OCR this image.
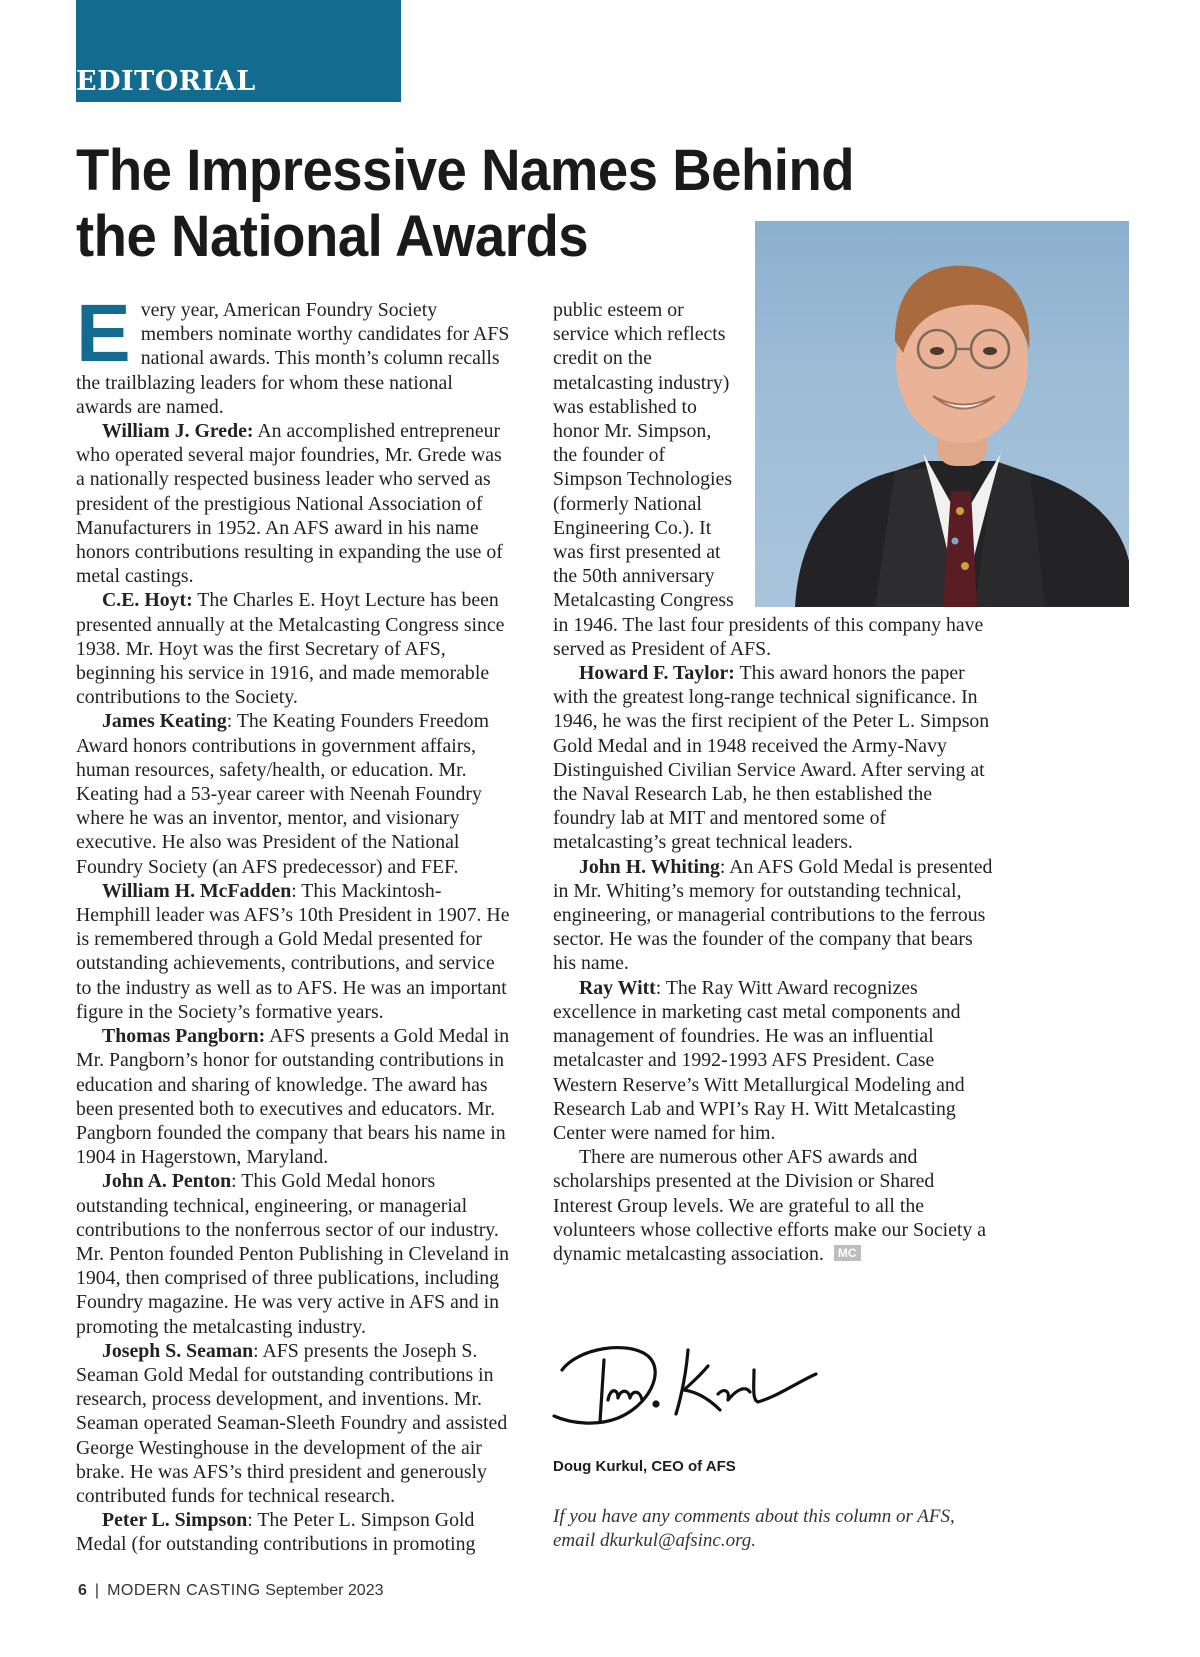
EDITORIAL

The Impressive Names Behind the National Awards

Every year, American Foundry Society members nominate worthy candidates for AFS national awards. This month’s column recalls the trailblazing leaders for whom these national awards are named.

William J. Grede: An accomplished entrepreneur who operated several major foundries, Mr. Grede was a nationally respected business leader who served as president of the prestigious National Association of Manufacturers in 1952. An AFS award in his name honors contributions resulting in expanding the use of metal castings.

C.E. Hoyt: The Charles E. Hoyt Lecture has been presented annually at the Metalcasting Congress since 1938. Mr. Hoyt was the first Secretary of AFS, beginning his service in 1916, and made memorable contributions to the Society.

James Keating: The Keating Founders Freedom Award honors contributions in government affairs, human resources, safety/health, or education. Mr. Keating had a 53-year career with Neenah Foundry where he was an inventor, mentor, and visionary executive. He also was President of the National Foundry Society (an AFS predecessor) and FEF.

William H. McFadden: This Mackintosh-Hemphill leader was AFS’s 10th President in 1907. He is remembered through a Gold Medal presented for outstanding achievements, contributions, and service to the industry as well as to AFS. He was an important figure in the Society’s formative years.

Thomas Pangborn: AFS presents a Gold Medal in Mr. Pangborn’s honor for outstanding contributions in education and sharing of knowledge. The award has been presented both to executives and educators. Mr. Pangborn founded the company that bears his name in 1904 in Hagerstown, Maryland.

John A. Penton: This Gold Medal honors outstanding technical, engineering, or managerial contributions to the nonferrous sector of our industry. Mr. Penton founded Penton Publishing in Cleveland in 1904, then comprised of three publications, including Foundry magazine. He was very active in AFS and in promoting the metalcasting industry.

Joseph S. Seaman: AFS presents the Joseph S. Seaman Gold Medal for outstanding contributions in research, process development, and inventions. Mr. Seaman operated Seaman-Sleeth Foundry and assisted George Westinghouse in the development of the air brake. He was AFS’s third president and generously contributed funds for technical research.

Peter L. Simpson: The Peter L. Simpson Gold Medal (for outstanding contributions in promoting

public esteem or service which reflects credit on the metalcasting industry) was established to honor Mr. Simpson, the founder of Simpson Technologies (formerly National Engineering Co.). It was first presented at the 50th anniversary Metalcasting Congress in 1946. The last four presidents of this company have served as President of AFS.

Howard F. Taylor: This award honors the paper with the greatest long-range technical significance. In 1946, he was the first recipient of the Peter L. Simpson Gold Medal and in 1948 received the Army-Navy Distinguished Civilian Service Award. After serving at the Naval Research Lab, he then established the foundry lab at MIT and mentored some of metalcasting’s great technical leaders.

John H. Whiting: An AFS Gold Medal is presented in Mr. Whiting’s memory for outstanding technical, engineering, or managerial contributions to the ferrous sector. He was the founder of the company that bears his name.

Ray Witt: The Ray Witt Award recognizes excellence in marketing cast metal components and management of foundries. He was an influential metalcaster and 1992-1993 AFS President. Case Western Reserve’s Witt Metallurgical Modeling and Research Lab and WPI’s Ray H. Witt Metalcasting Center were named for him.

There are numerous other AFS awards and scholarships presented at the Division or Shared Interest Group levels. We are grateful to all the volunteers whose collective efforts make our Society a dynamic metalcasting association. MC

Doug Kurkul, CEO of AFS

If you have any comments about this column or AFS, email dkurkul@afsinc.org.

6 | MODERN CASTING September 2023
